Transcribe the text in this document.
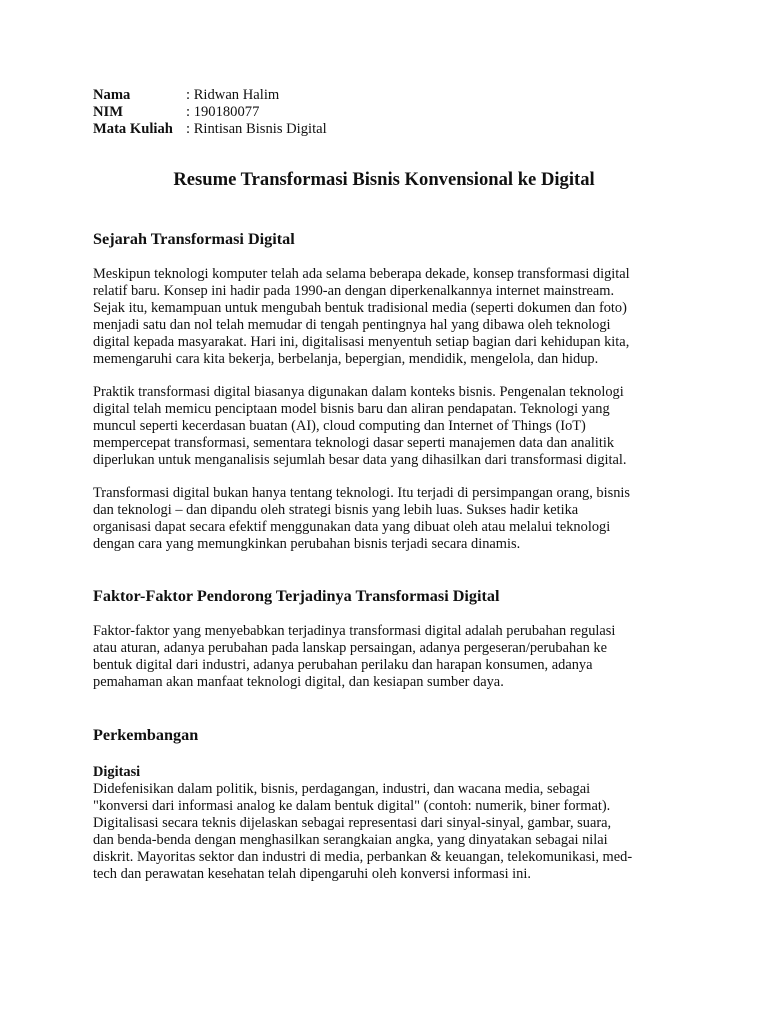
Nama	: Ridwan Halim
NIM	: 190180077
Mata Kuliah : Rintisan Bisnis Digital
Resume Transformasi Bisnis Konvensional ke Digital
Sejarah Transformasi Digital

Meskipun teknologi komputer telah ada selama beberapa dekade, konsep transformasi digital
relatif baru. Konsep ini hadir pada 1990-an dengan diperkenalkannya internet mainstream.
Sejak itu, kemampuan untuk mengubah bentuk tradisional media (seperti dokumen dan foto)
menjadi satu dan nol telah memudar di tengah pentingnya hal yang dibawa oleh teknologi
digital kepada masyarakat. Hari ini, digitalisasi menyentuh setiap bagian dari kehidupan kita,
memengaruhi cara kita bekerja, berbelanja, bepergian, mendidik, mengelola, dan hidup.

Praktik transformasi digital biasanya digunakan dalam konteks bisnis. Pengenalan teknologi
digital telah memicu penciptaan model bisnis baru dan aliran pendapatan. Teknologi yang
muncul seperti kecerdasan buatan (AI), cloud computing dan Internet of Things (IoT)
mempercepat transformasi, sementara teknologi dasar seperti manajemen data dan analitik
diperlukan untuk menganalisis sejumlah besar data yang dihasilkan dari transformasi digital.

Transformasi digital bukan hanya tentang teknologi. Itu terjadi di persimpangan orang, bisnis
dan teknologi – dan dipandu oleh strategi bisnis yang lebih luas. Sukses hadir ketika
organisasi dapat secara efektif menggunakan data yang dibuat oleh atau melalui teknologi
dengan cara yang memungkinkan perubahan bisnis terjadi secara dinamis.

Faktor-Faktor Pendorong Terjadinya Transformasi Digital

Faktor-faktor yang menyebabkan terjadinya transformasi digital adalah perubahan regulasi
atau aturan, adanya perubahan pada lanskap persaingan, adanya pergeseran/perubahan ke
bentuk digital dari industri, adanya perubahan perilaku dan harapan konsumen, adanya
pemahaman akan manfaat teknologi digital, dan kesiapan sumber daya.

Perkembangan
Digitasi

Didefenisikan dalam politik, bisnis, perdagangan, industri, dan wacana media, sebagai
"konversi dari informasi analog ke dalam bentuk digital" (contoh: numerik, biner format).
Digitalisasi secara teknis dijelaskan sebagai representasi dari sinyal-sinyal, gambar, suara,
dan benda-benda dengan menghasilkan serangkaian angka, yang dinyatakan sebagai nilai
diskrit. Mayoritas sektor dan industri di media, perbankan & keuangan, telekomunikasi, med-
tech dan perawatan kesehatan telah dipengaruhi oleh konversi informasi ini.
